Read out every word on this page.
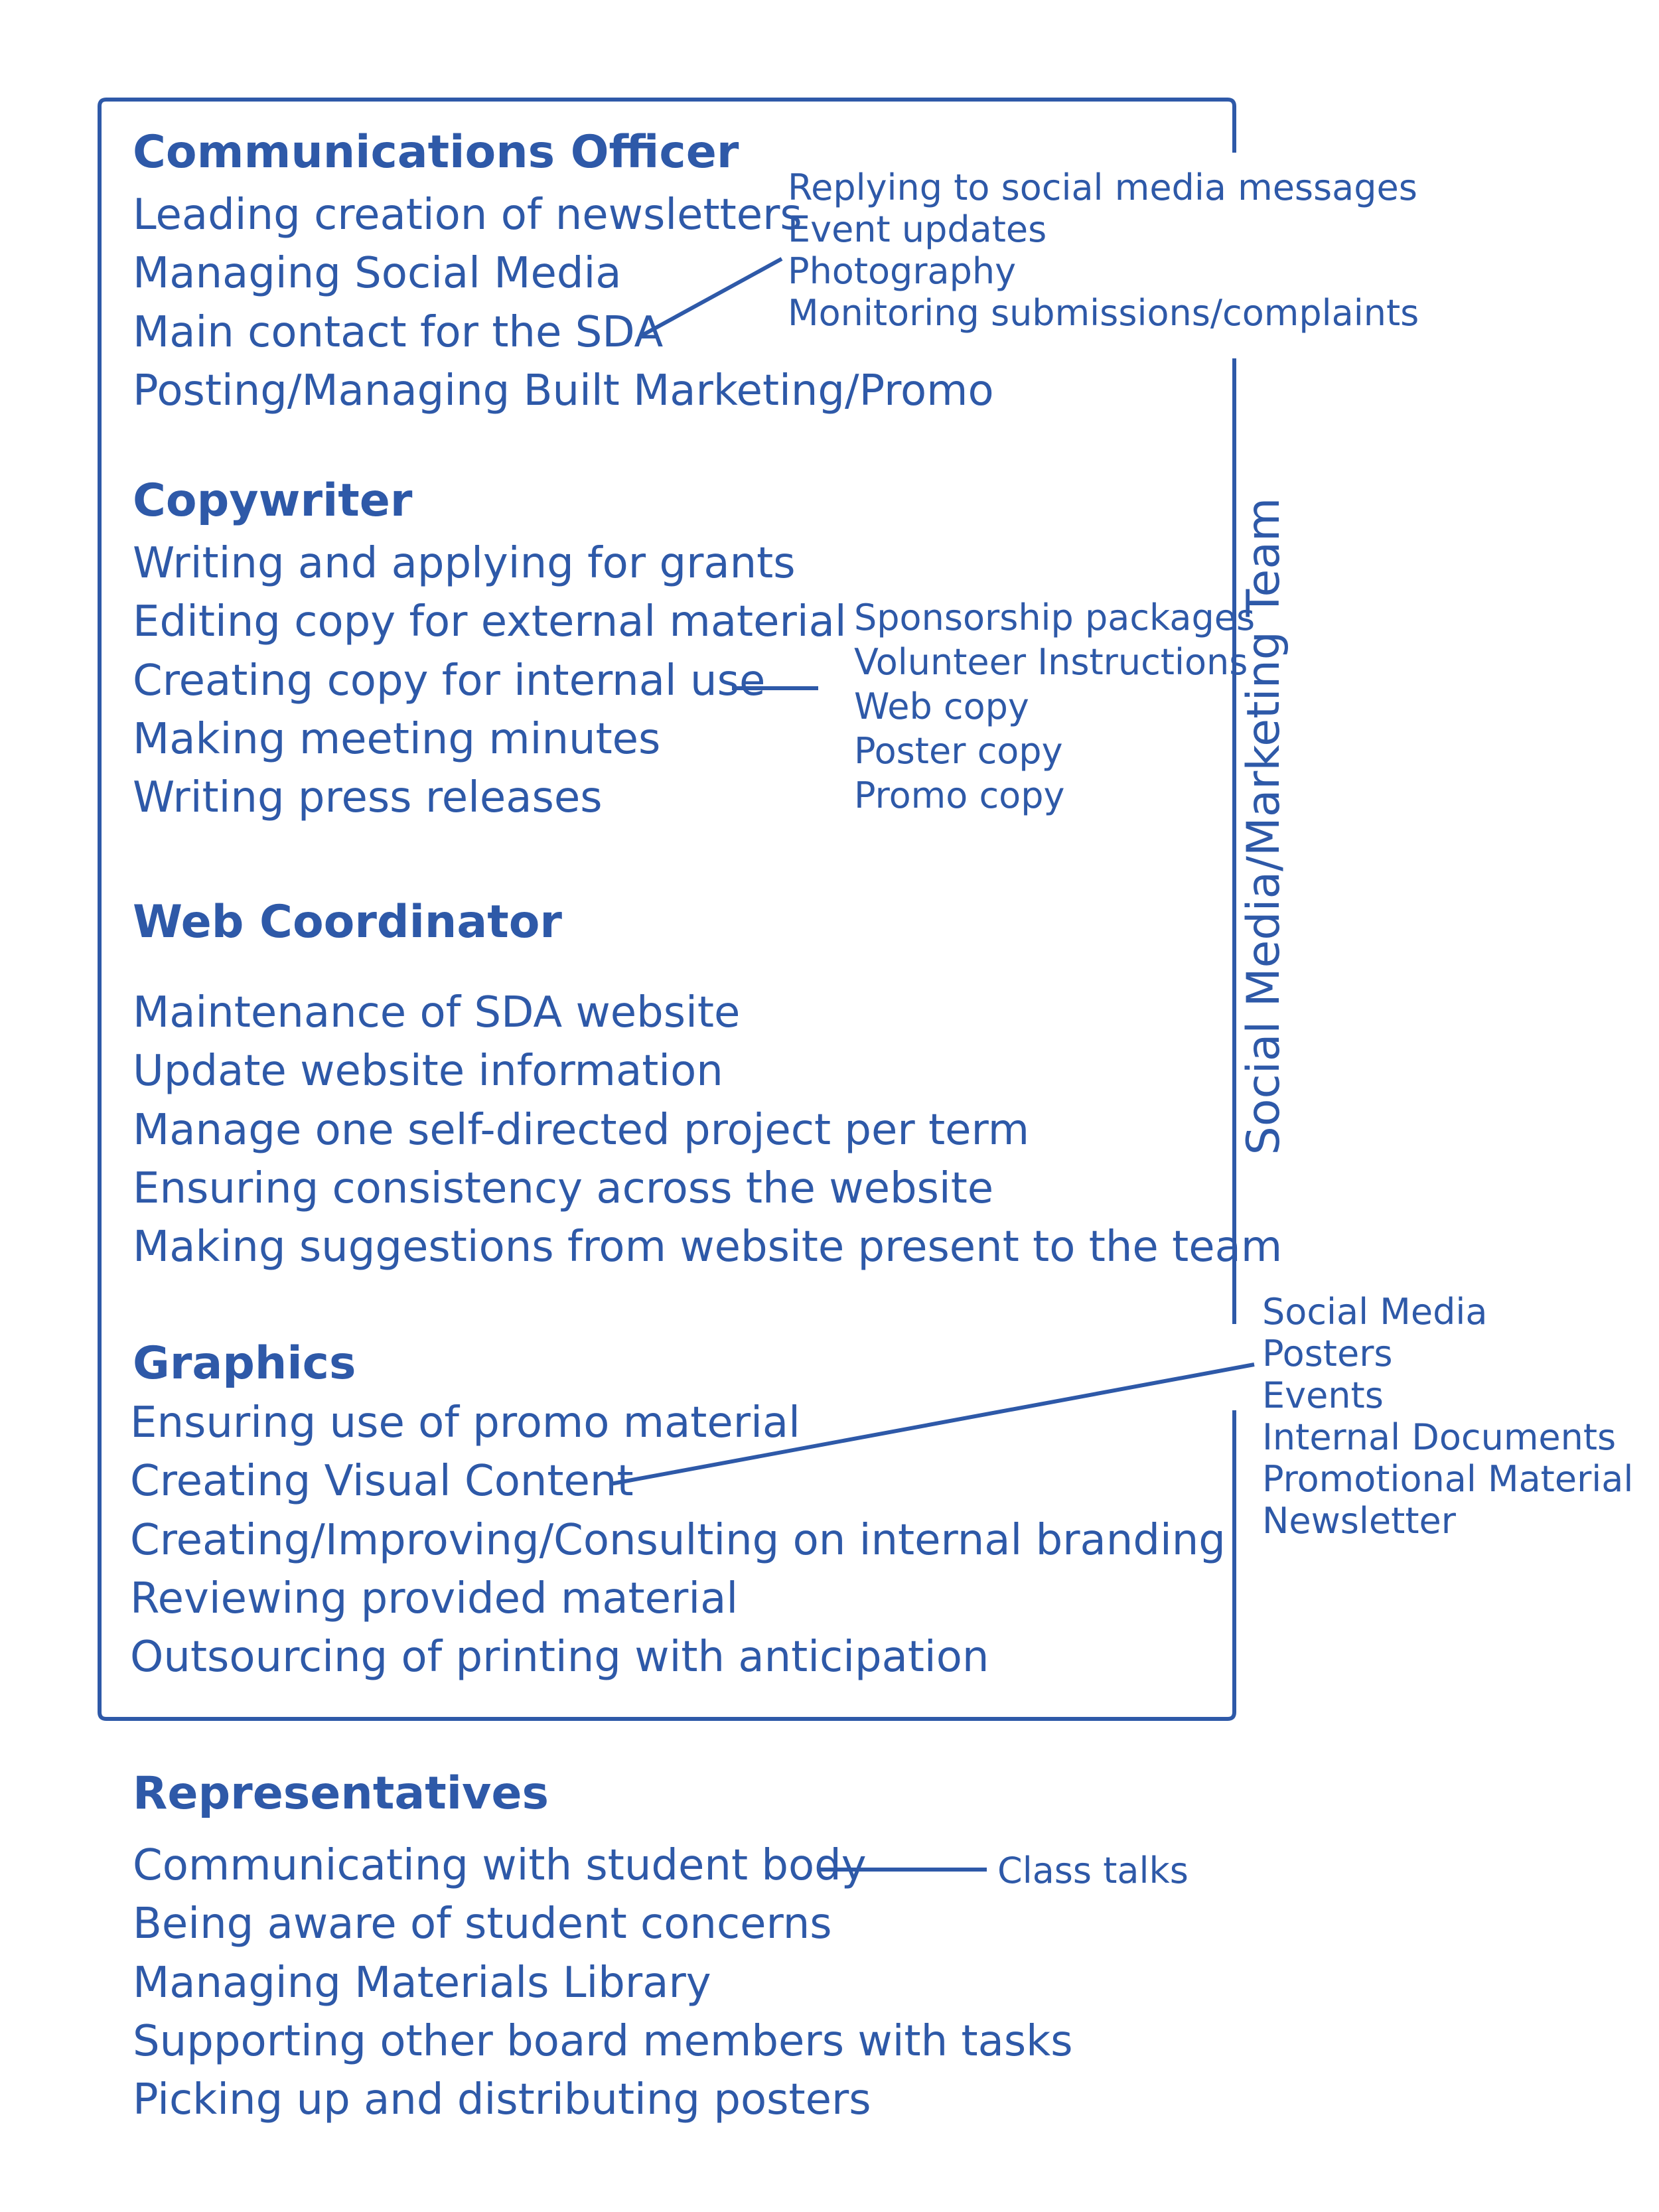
Social Media/Marketing Team
Communications Officer
Leading creation of newsletters
Managing Social Media
Main contact for the SDA
Posting/Managing Built Marketing/Promo
Copywriter
Writing and applying for grants
Editing copy for external material
Creating copy for internal use
Making meeting minutes
Writing press releases
Web Coordinator
Maintenance of SDA website
Update website information
Manage one self-directed project per term
Ensuring consistency across the website
Making suggestions from website present to the team
Graphics
Ensuring use of promo material
Creating Visual Content
Creating/Improving/Consulting on internal branding
Reviewing provided material
Outsourcing of printing with anticipation
Representatives
Communicating with student body
Being aware of student concerns
Managing Materials Library
Supporting other board members with tasks
Picking up and distributing posters
Replying to social media messages
Event updates
Photography
Monitoring submissions/complaints
Sponsorship packages
Volunteer Instructions
Web copy
Poster copy
Promo copy
Social Media
Posters
Events
Internal Documents
Promotional Material
Newsletter
Class talks
